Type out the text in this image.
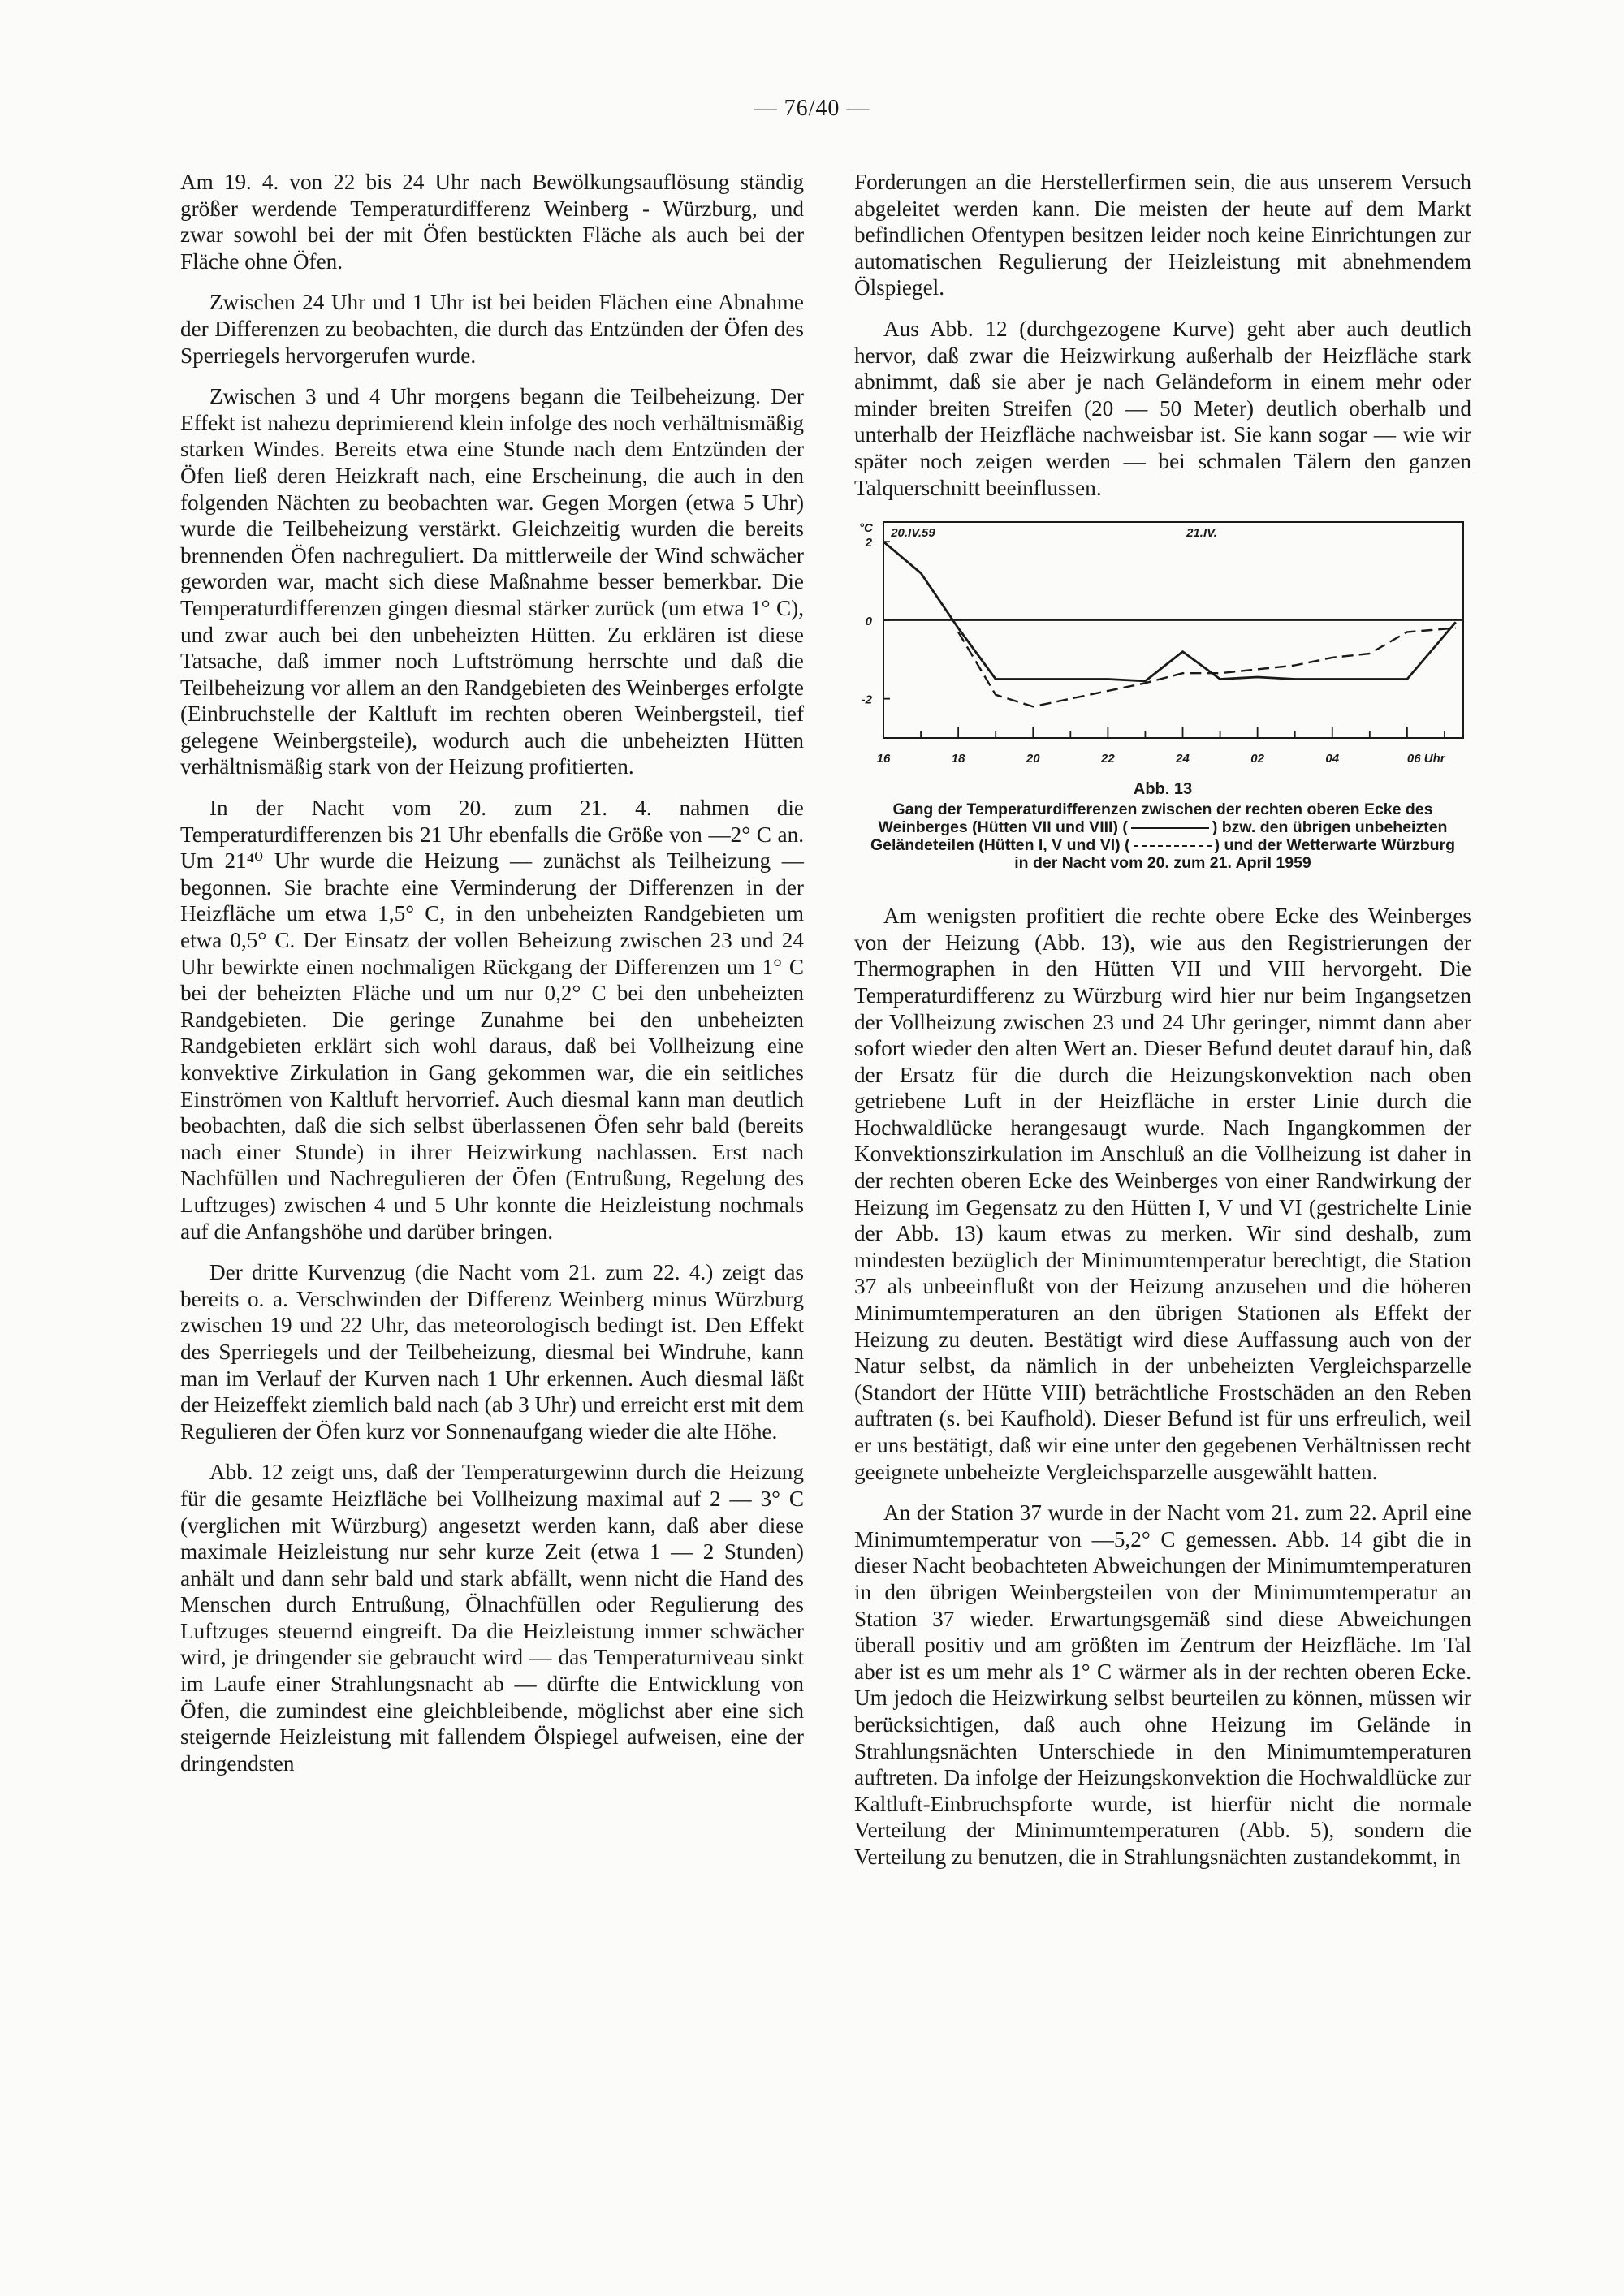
— 76/40 —

Am 19. 4. von 22 bis 24 Uhr nach Bewölkungsauflösung ständig größer werdende Temperaturdifferenz Weinberg - Würzburg, und zwar sowohl bei der mit Öfen bestückten Fläche als auch bei der Fläche ohne Öfen.

Zwischen 24 Uhr und 1 Uhr ist bei beiden Flächen eine Abnahme der Differenzen zu beobachten, die durch das Entzünden der Öfen des Sperriegels hervorgerufen wurde.

Zwischen 3 und 4 Uhr morgens begann die Teilbeheizung. Der Effekt ist nahezu deprimierend klein infolge des noch verhältnismäßig starken Windes. Bereits etwa eine Stunde nach dem Entzünden der Öfen ließ deren Heizkraft nach, eine Erscheinung, die auch in den folgenden Nächten zu beobachten war. Gegen Morgen (etwa 5 Uhr) wurde die Teilbeheizung verstärkt. Gleichzeitig wurden die bereits brennenden Öfen nachreguliert. Da mittlerweile der Wind schwächer geworden war, macht sich diese Maßnahme besser bemerkbar. Die Temperaturdifferenzen gingen diesmal stärker zurück (um etwa 1° C), und zwar auch bei den unbeheizten Hütten. Zu erklären ist diese Tatsache, daß immer noch Luftströmung herrschte und daß die Teilbeheizung vor allem an den Randgebieten des Weinberges erfolgte (Einbruchstelle der Kaltluft im rechten oberen Weinbergsteil, tief gelegene Weinbergsteile), wodurch auch die unbeheizten Hütten verhältnismäßig stark von der Heizung profitierten.

In der Nacht vom 20. zum 21. 4. nahmen die Temperaturdifferenzen bis 21 Uhr ebenfalls die Größe von —2° C an. Um 21⁴⁰ Uhr wurde die Heizung — zunächst als Teilheizung — begonnen. Sie brachte eine Verminderung der Differenzen in der Heizfläche um etwa 1,5° C, in den unbeheizten Randgebieten um etwa 0,5° C. Der Einsatz der vollen Beheizung zwischen 23 und 24 Uhr bewirkte einen nochmaligen Rückgang der Differenzen um 1° C bei der beheizten Fläche und um nur 0,2° C bei den unbeheizten Randgebieten. Die geringe Zunahme bei den unbeheizten Randgebieten erklärt sich wohl daraus, daß bei Vollheizung eine konvektive Zirkulation in Gang gekommen war, die ein seitliches Einströmen von Kaltluft hervorrief. Auch diesmal kann man deutlich beobachten, daß die sich selbst überlassenen Öfen sehr bald (bereits nach einer Stunde) in ihrer Heizwirkung nachlassen. Erst nach Nachfüllen und Nachregulieren der Öfen (Entrußung, Regelung des Luftzuges) zwischen 4 und 5 Uhr konnte die Heizleistung nochmals auf die Anfangshöhe und darüber bringen.

Der dritte Kurvenzug (die Nacht vom 21. zum 22. 4.) zeigt das bereits o. a. Verschwinden der Differenz Weinberg minus Würzburg zwischen 19 und 22 Uhr, das meteorologisch bedingt ist. Den Effekt des Sperriegels und der Teilbeheizung, diesmal bei Windruhe, kann man im Verlauf der Kurven nach 1 Uhr erkennen. Auch diesmal läßt der Heizeffekt ziemlich bald nach (ab 3 Uhr) und erreicht erst mit dem Regulieren der Öfen kurz vor Sonnenaufgang wieder die alte Höhe.

Abb. 12 zeigt uns, daß der Temperaturgewinn durch die Heizung für die gesamte Heizfläche bei Vollheizung maximal auf 2 — 3° C (verglichen mit Würzburg) angesetzt werden kann, daß aber diese maximale Heizleistung nur sehr kurze Zeit (etwa 1 — 2 Stunden) anhält und dann sehr bald und stark abfällt, wenn nicht die Hand des Menschen durch Entrußung, Ölnachfüllen oder Regulierung des Luftzuges steuernd eingreift. Da die Heizleistung immer schwächer wird, je dringender sie gebraucht wird — das Temperaturniveau sinkt im Laufe einer Strahlungsnacht ab — dürfte die Entwicklung von Öfen, die zumindest eine gleichbleibende, möglichst aber eine sich steigernde Heizleistung mit fallendem Ölspiegel aufweisen, eine der dringendsten

Forderungen an die Herstellerfirmen sein, die aus unserem Versuch abgeleitet werden kann. Die meisten der heute auf dem Markt befindlichen Ofentypen besitzen leider noch keine Einrichtungen zur automatischen Regulierung der Heizleistung mit abnehmendem Ölspiegel.

Aus Abb. 12 (durchgezogene Kurve) geht aber auch deutlich hervor, daß zwar die Heizwirkung außerhalb der Heizfläche stark abnimmt, daß sie aber je nach Geländeform in einem mehr oder minder breiten Streifen (20 — 50 Meter) deutlich oberhalb und unterhalb der Heizfläche nachweisbar ist. Sie kann sogar — wie wir später noch zeigen werden — bei schmalen Tälern den ganzen Talquerschnitt beeinflussen.

°C
2
0
-2
16	18	20	22	24	02	04	06 Uhr
20.IV.59	21.IV.
Abb. 13
Gang der Temperaturdifferenzen zwischen der rechten oberen Ecke des Weinberges (Hütten VII und VIII) (	) bzw. den übrigen unbeheizten Geländeteilen (Hütten I, V und VI) (	) und der Wetterwarte Würzburg in der Nacht vom 20. zum 21. April 1959

Am wenigsten profitiert die rechte obere Ecke des Weinberges von der Heizung (Abb. 13), wie aus den Registrierungen der Thermographen in den Hütten VII und VIII hervorgeht. Die Temperaturdifferenz zu Würzburg wird hier nur beim Ingangsetzen der Vollheizung zwischen 23 und 24 Uhr geringer, nimmt dann aber sofort wieder den alten Wert an. Dieser Befund deutet darauf hin, daß der Ersatz für die durch die Heizungskonvektion nach oben getriebene Luft in der Heizfläche in erster Linie durch die Hochwaldlücke herangesaugt wurde. Nach Ingangkommen der Konvektionszirkulation im Anschluß an die Vollheizung ist daher in der rechten oberen Ecke des Weinberges von einer Randwirkung der Heizung im Gegensatz zu den Hütten I, V und VI (gestrichelte Linie der Abb. 13) kaum etwas zu merken. Wir sind deshalb, zum mindesten bezüglich der Minimumtemperatur berechtigt, die Station 37 als unbeeinflußt von der Heizung anzusehen und die höheren Minimumtemperaturen an den übrigen Stationen als Effekt der Heizung zu deuten. Bestätigt wird diese Auffassung auch von der Natur selbst, da nämlich in der unbeheizten Vergleichsparzelle (Standort der Hütte VIII) beträchtliche Frostschäden an den Reben auftraten (s. bei Kaufhold). Dieser Befund ist für uns erfreulich, weil er uns bestätigt, daß wir eine unter den gegebenen Verhältnissen recht geeignete unbeheizte Vergleichsparzelle ausgewählt hatten.

An der Station 37 wurde in der Nacht vom 21. zum 22. April eine Minimumtemperatur von —5,2° C gemessen. Abb. 14 gibt die in dieser Nacht beobachteten Abweichungen der Minimumtemperaturen in den übrigen Weinbergsteilen von der Minimumtemperatur an Station 37 wieder. Erwartungsgemäß sind diese Abweichungen überall positiv und am größten im Zentrum der Heizfläche. Im Tal aber ist es um mehr als 1° C wärmer als in der rechten oberen Ecke. Um jedoch die Heizwirkung selbst beurteilen zu können, müssen wir berücksichtigen, daß auch ohne Heizung im Gelände in Strahlungsnächten Unterschiede in den Minimumtemperaturen auftreten. Da infolge der Heizungskonvektion die Hochwaldlücke zur Kaltluft-Einbruchspforte wurde, ist hierfür nicht die normale Verteilung der Minimumtemperaturen (Abb. 5), sondern die Verteilung zu benutzen, die in Strahlungsnächten zustandekommt, in
